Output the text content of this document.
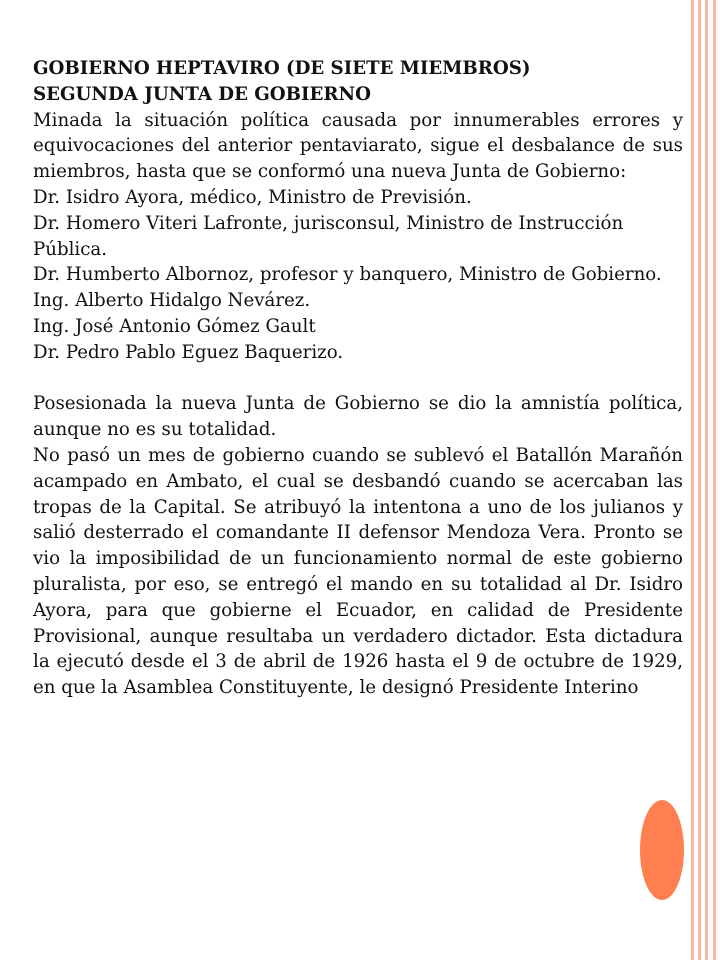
GOBIERNO HEPTAVIRO (DE SIETE MIEMBROS)

SEGUNDA JUNTA DE GOBIERNO

Minada la situación política causada por innumerables errores y equivocaciones del anterior pentaviarato, sigue el desbalance de sus miembros, hasta que se conformó una nueva Junta de Gobierno:

Dr. Isidro Ayora, médico, Ministro de Previsión.

Dr. Homero Viteri Lafronte, jurisconsul, Ministro de Instrucción Pública.

Dr. Humberto Albornoz, profesor y banquero, Ministro de Gobierno.

Ing. Alberto Hidalgo Nevárez.

Ing. José Antonio Gómez Gault

Dr. Pedro Pablo Eguez Baquerizo.

Posesionada la nueva Junta de Gobierno se dio la amnistía política, aunque no es su totalidad.

No pasó un mes de gobierno cuando se sublevó el Batallón Marañón acampado en Ambato, el cual se desbandó cuando se acercaban las tropas de la Capital. Se atribuyó la intentona a uno de los julianos y salió desterrado el comandante II defensor Mendoza Vera. Pronto se vio la imposibilidad de un funcionamiento normal de este gobierno pluralista, por eso, se entregó el mando en su totalidad al Dr. Isidro Ayora, para que gobierne el Ecuador, en calidad de Presidente Provisional, aunque resultaba un verdadero dictador. Esta dictadura la ejecutó desde el 3 de abril de 1926 hasta el 9 de octubre de 1929, en que la Asamblea Constituyente, le designó Presidente Interino
